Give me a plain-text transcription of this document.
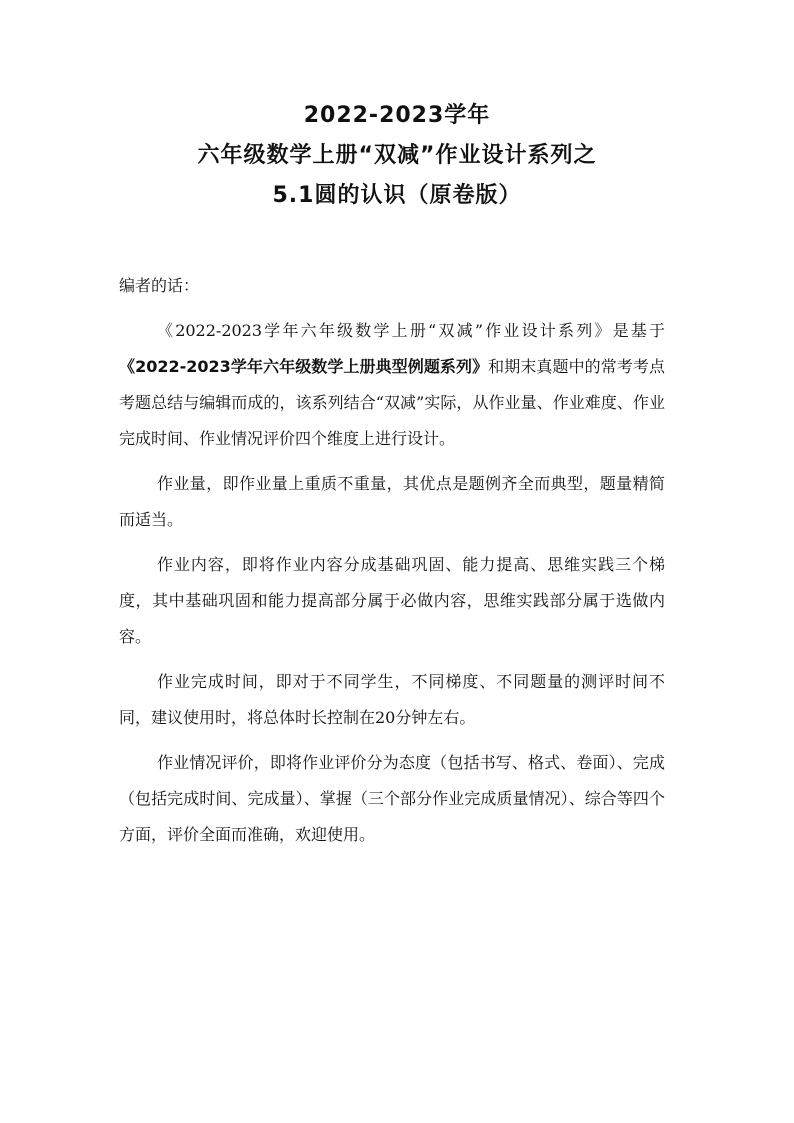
2022-2023学年
六年级数学上册“双减”作业设计系列之
5.1圆的认识（原卷版）

编者的话：

《2022-2023学年六年级数学上册“双减”作业设计系列》是基于《2022-2023学年六年级数学上册典型例题系列》和期末真题中的常考考点考题总结与编辑而成的，该系列结合“双减”实际，从作业量、作业难度、作业完成时间、作业情况评价四个维度上进行设计。

作业量，即作业量上重质不重量，其优点是题例齐全而典型，题量精简而适当。

作业内容，即将作业内容分成基础巩固、能力提高、思维实践三个梯度，其中基础巩固和能力提高部分属于必做内容，思维实践部分属于选做内容。

作业完成时间，即对于不同学生，不同梯度、不同题量的测评时间不同，建议使用时，将总体时长控制在20分钟左右。

作业情况评价，即将作业评价分为态度（包括书写、格式、卷面）、完成（包括完成时间、完成量）、掌握（三个部分作业完成质量情况）、综合等四个方面，评价全面而准确，欢迎使用。
